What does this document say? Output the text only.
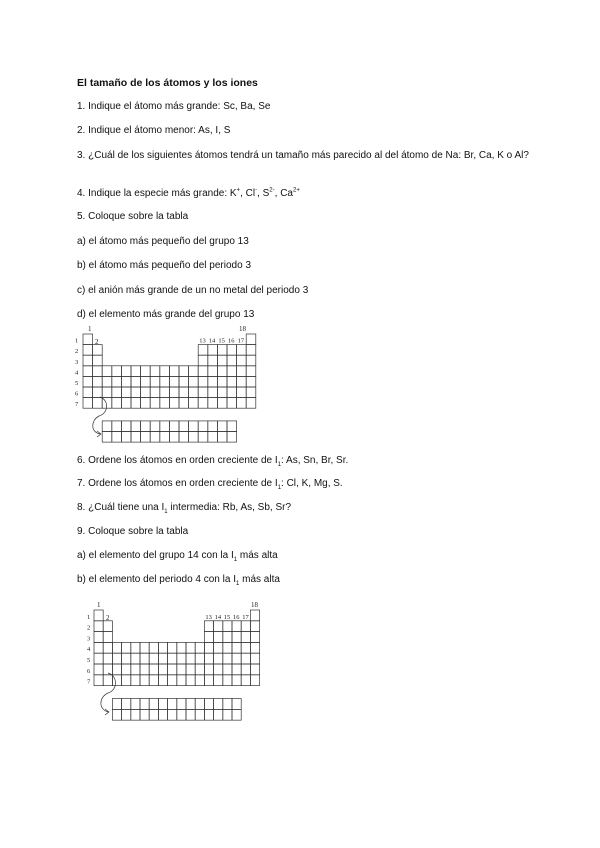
El tamaño de los átomos y los iones
1. Indique el átomo más grande: Sc, Ba, Se
2. Indique el átomo menor: As, I, S
3. ¿Cuál de los siguientes átomos tendrá un tamaño más parecido al del átomo de Na: Br, Ca, K o Al?
4. Indique la especie más grande: K+, Cl-, $S^{2-}$, $Ca^{2+}$
5. Coloque sobre la tabla
a) el átomo más pequeño del grupo 13
b) el átomo más pequeño del periodo 3
c) el anión más grande de un no metal del periodo 3
d) el elemento más grande del grupo 13
1
2
18
13 14 15 16 17
1
2
3
4
5
6
7
6. Ordene los átomos en orden creciente de $I_1$: As, Sn, Br, Sr.
7. Ordene los átomos en orden creciente de $I_1$: Cl, K, Mg, S.
8. ¿Cuál tiene una $I_1$ intermedia: Rb, As, Sb, Sr?
9. Coloque sobre la tabla
a) el elemento del grupo 14 con la $I_1$ más alta
b) el elemento del periodo 4 con la $I_1$ más alta
1
2
18
13 14 15 16 17
1
2
3
4
5
6
7
